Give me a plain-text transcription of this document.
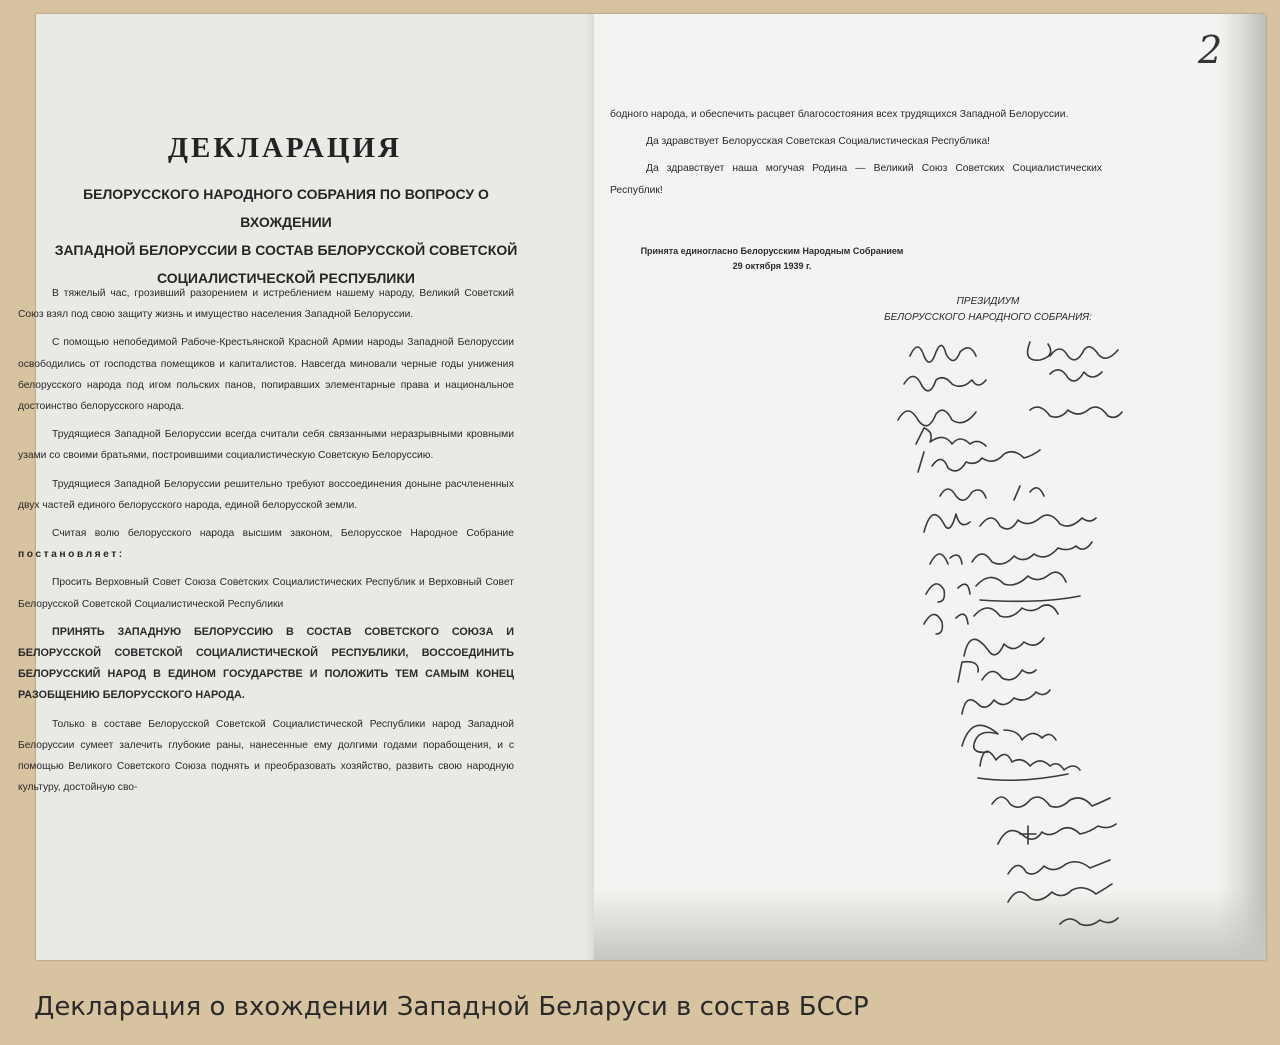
ДЕКЛАРАЦИЯ
БЕЛОРУССКОГО НАРОДНОГО СОБРАНИЯ ПО ВОПРОСУ О ВХОЖДЕНИИ
ЗАПАДНОЙ БЕЛОРУССИИ В СОСТАВ БЕЛОРУССКОЙ СОВЕТСКОЙ
СОЦИАЛИСТИЧЕСКОЙ РЕСПУБЛИКИ

В тяжелый час, грозивший разорением и истреблением нашему народу, Великий Советский Союз взял под свою защиту жизнь и имущество населения Западной Белоруссии.

С помощью непобедимой Рабоче-Крестьянской Красной Армии народы Западной Белоруссии освободились от господства помещиков и капиталистов. Навсегда миновали черные годы унижения белорусского народа под игом польских панов, попиравших элементарные права и национальное достоинство белорусского народа.

Трудящиеся Западной Белоруссии всегда считали себя связанными неразрывными кровными узами со своими братьями, построившими социалистическую Советскую Белоруссию.

Трудящиеся Западной Белоруссии решительно требуют воссоединения доныне расчлененных двух частей единого белорусского народа, единой белорусской земли.

Считая волю белорусского народа высшим законом, Белорусское Народное Собрание постановляет:

Просить Верховный Совет Союза Советских Социалистических Республик и Верховный Совет Белорусской Советской Социалистической Республики

ПРИНЯТЬ ЗАПАДНУЮ БЕЛОРУССИЮ В СОСТАВ СОВЕТСКОГО СОЮЗА И БЕЛОРУССКОЙ СОВЕТСКОЙ СОЦИАЛИСТИЧЕСКОЙ РЕСПУБЛИКИ, ВОССОЕДИНИТЬ БЕЛОРУССКИЙ НАРОД В ЕДИНОМ ГОСУДАРСТВЕ И ПОЛОЖИТЬ ТЕМ САМЫМ КОНЕЦ РАЗОБЩЕНИЮ БЕЛОРУССКОГО НАРОДА.

Только в составе Белорусской Советской Социалистической Республики народ Западной Белоруссии сумеет залечить глубокие раны, нанесенные ему долгими годами порабощения, и с помощью Великого Советского Союза поднять и преобразовать хозяйство, развить свою народную культуру, достойную сво-

бодного народа, и обеспечить расцвет благосостояния всех трудящихся Западной Белоруссии.

Да здравствует Белорусская Советская Социалистическая Республика!

Да здравствует наша могучая Родина — Великий Союз Советских Социалистических Республик!

Принята единогласно Белорусским Народным Собранием
29 октября 1939 г.
ПРЕЗИДИУМ
БЕЛОРУССКОГО НАРОДНОГО СОБРАНИЯ:
2
Декларация о вхождении Западной Беларуси в состав БССР
